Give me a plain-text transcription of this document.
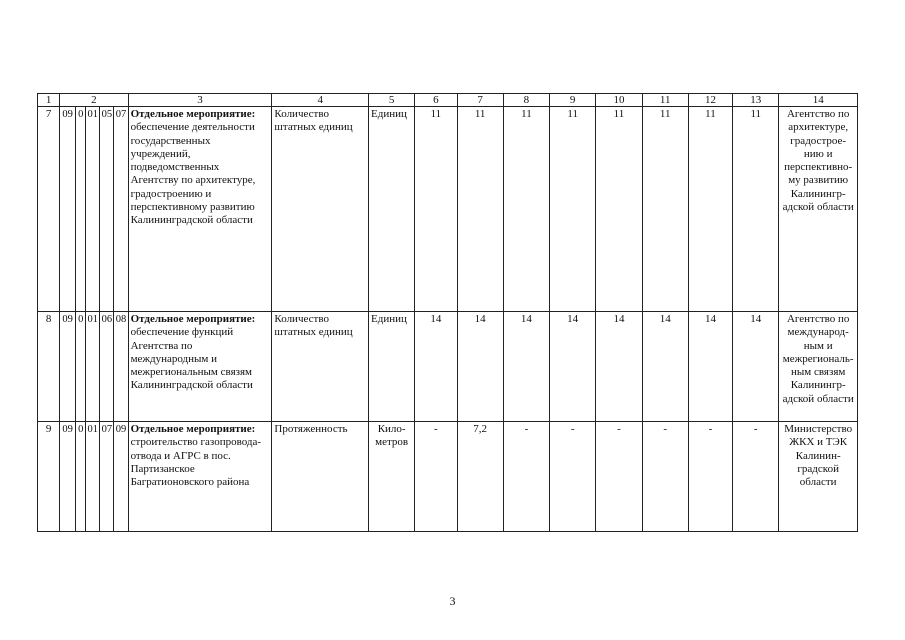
1	2					3	4	5	6	7	8	9	10	11	12	13	14
7	09	0	01	05	07	Отдельное мероприятие:
обеспечение деятельности государственных учреждений, подведомственных Агентству по архитектуре, градостроению и перспективному развитию Калининградской области	Количество штатных единиц	Единиц	11	11	11	11	11	11	11	11	Агентство по архитектуре, градострое- нию и перспективно- му развитию Калинингр- адской области
8	09	0	01	06	08	Отдельное мероприятие:
обеспечение функций Агентства по международным и межрегиональным связям Калининградской области	Количество штатных единиц	Единиц	14	14	14	14	14	14	14	14	Агентство по международ- ным и межрегиональ- ным связям Калинингр- адской области
9	09	0	01	07	09	Отдельное мероприятие:
строительство газопровода-отвода и АГРС в пос. Партизанское Багратионовского района	Протяженность	Кило- метров	-	7,2	-	-	-	-	-	-	Министерство ЖКХ и ТЭК Калинин- градской области
3
